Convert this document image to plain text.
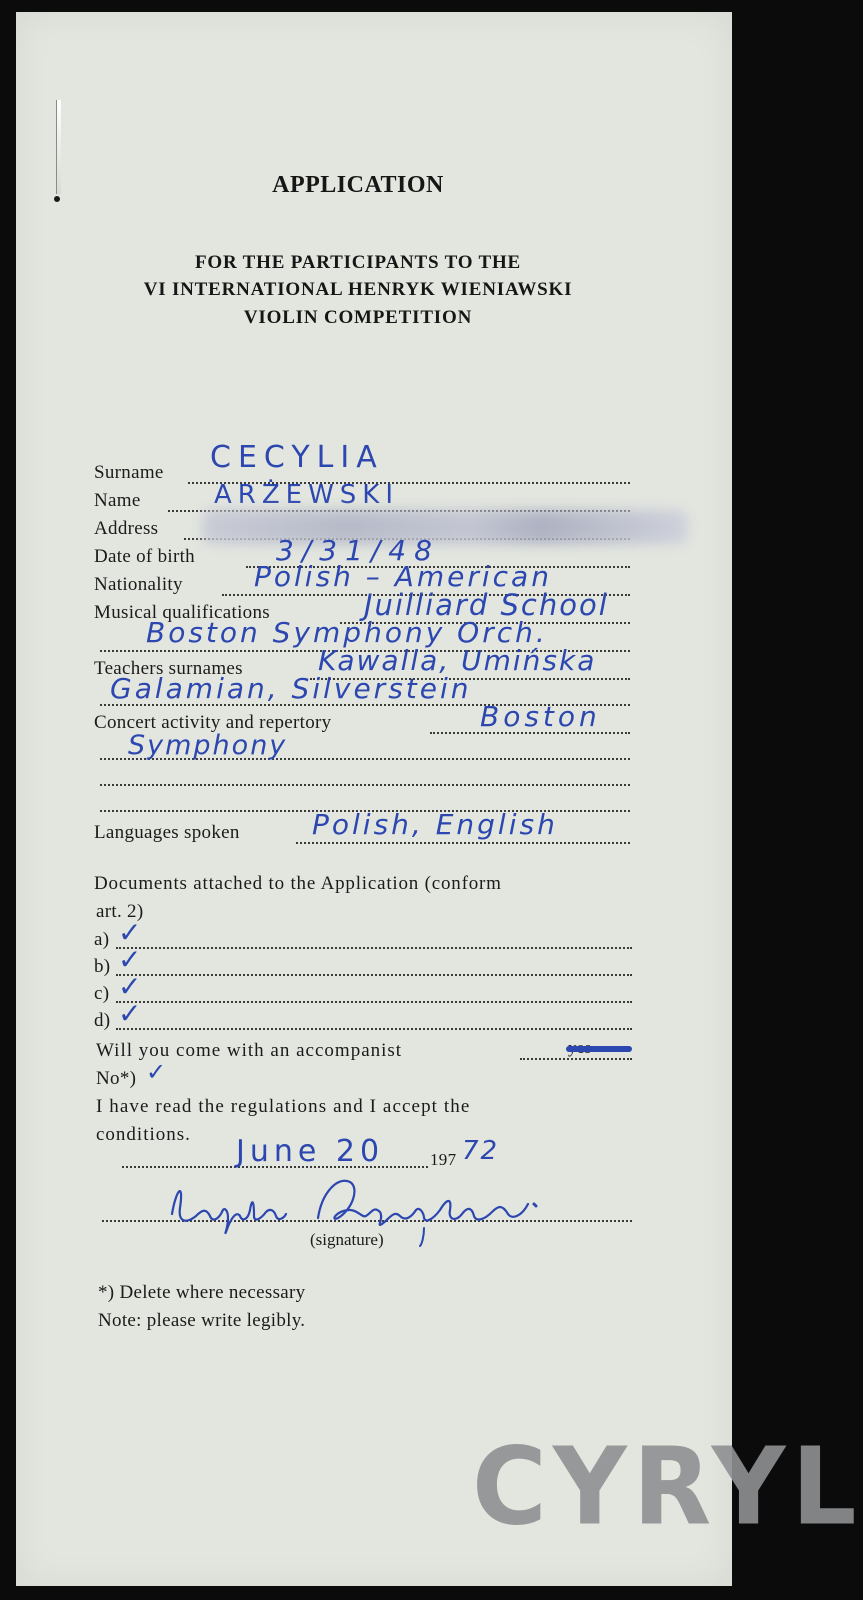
APPLICATION
FOR THE PARTICIPANTS TO THE
VI INTERNATIONAL HENRYK WIENIAWSKI
VIOLIN COMPETITION
Surname CECYLIA
Name	ARŻEWSKI
Address
Date of birth	3/31/48
Nationality	Polish – American
Musical qualifications	Juilliard School
Boston Symphony Orch.
Teachers surnames	Kawalla, Umińska
Galamian, Silverstein
Concert activity and repertory	Boston
Symphony
Languages spoken	Polish, English
Documents attached to the Application (conform
art. 2)
a) ✓
b) ✓
c) ✓
d) ✓
Will you come with an accompanist
No*) ✓
I have read the regulations and I accept the
conditions. June 20	197 72
(signature)
*) Delete where necessary
Note: please write legibly.
CYRYL
